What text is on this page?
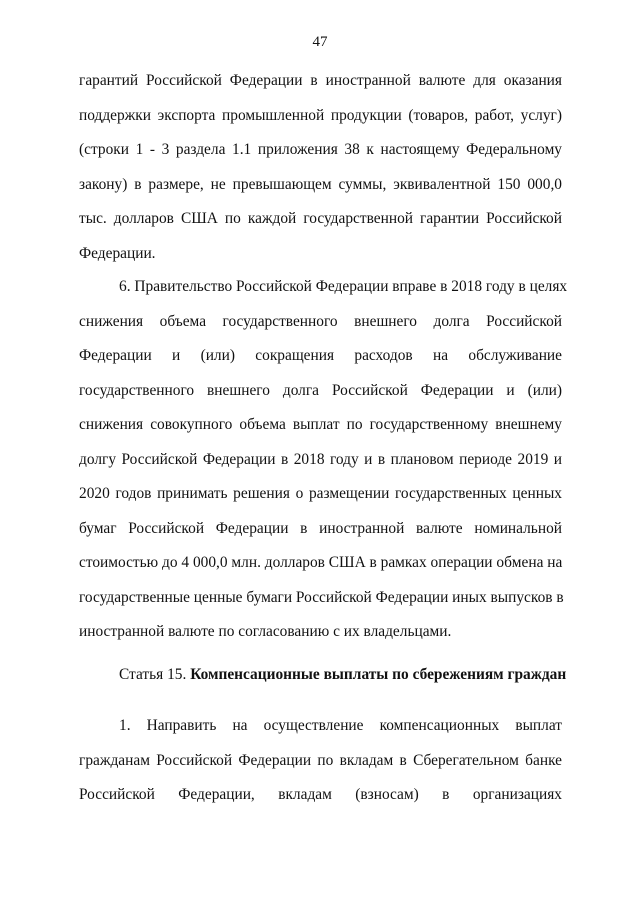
47
гарантий Российской Федерации в иностранной валюте для оказания
поддержки экспорта промышленной продукции (товаров, работ, услуг)
(строки 1 - 3 раздела 1.1 приложения 38 к настоящему Федеральному
закону) в размере, не превышающем суммы, эквивалентной 150 000,0
тыс. долларов США по каждой государственной гарантии Российской
Федерации.
6. Правительство Российской Федерации вправе в 2018 году в целях
снижения объема государственного внешнего долга Российской
Федерации и (или) сокращения расходов на обслуживание
государственного внешнего долга Российской Федерации и (или)
снижения совокупного объема выплат по государственному внешнему
долгу Российской Федерации в 2018 году и в плановом периоде 2019 и
2020 годов принимать решения о размещении государственных ценных
бумаг Российской Федерации в иностранной валюте номинальной
стоимостью до 4 000,0 млн. долларов США в рамках операции обмена на
государственные ценные бумаги Российской Федерации иных выпусков в
иностранной валюте по согласованию с их владельцами.
Статья 15. Компенсационные выплаты по сбережениям граждан
1. Направить на осуществление компенсационных выплат
гражданам Российской Федерации по вкладам в Сберегательном банке
Российской Федерации, вкладам (взносам) в организациях
